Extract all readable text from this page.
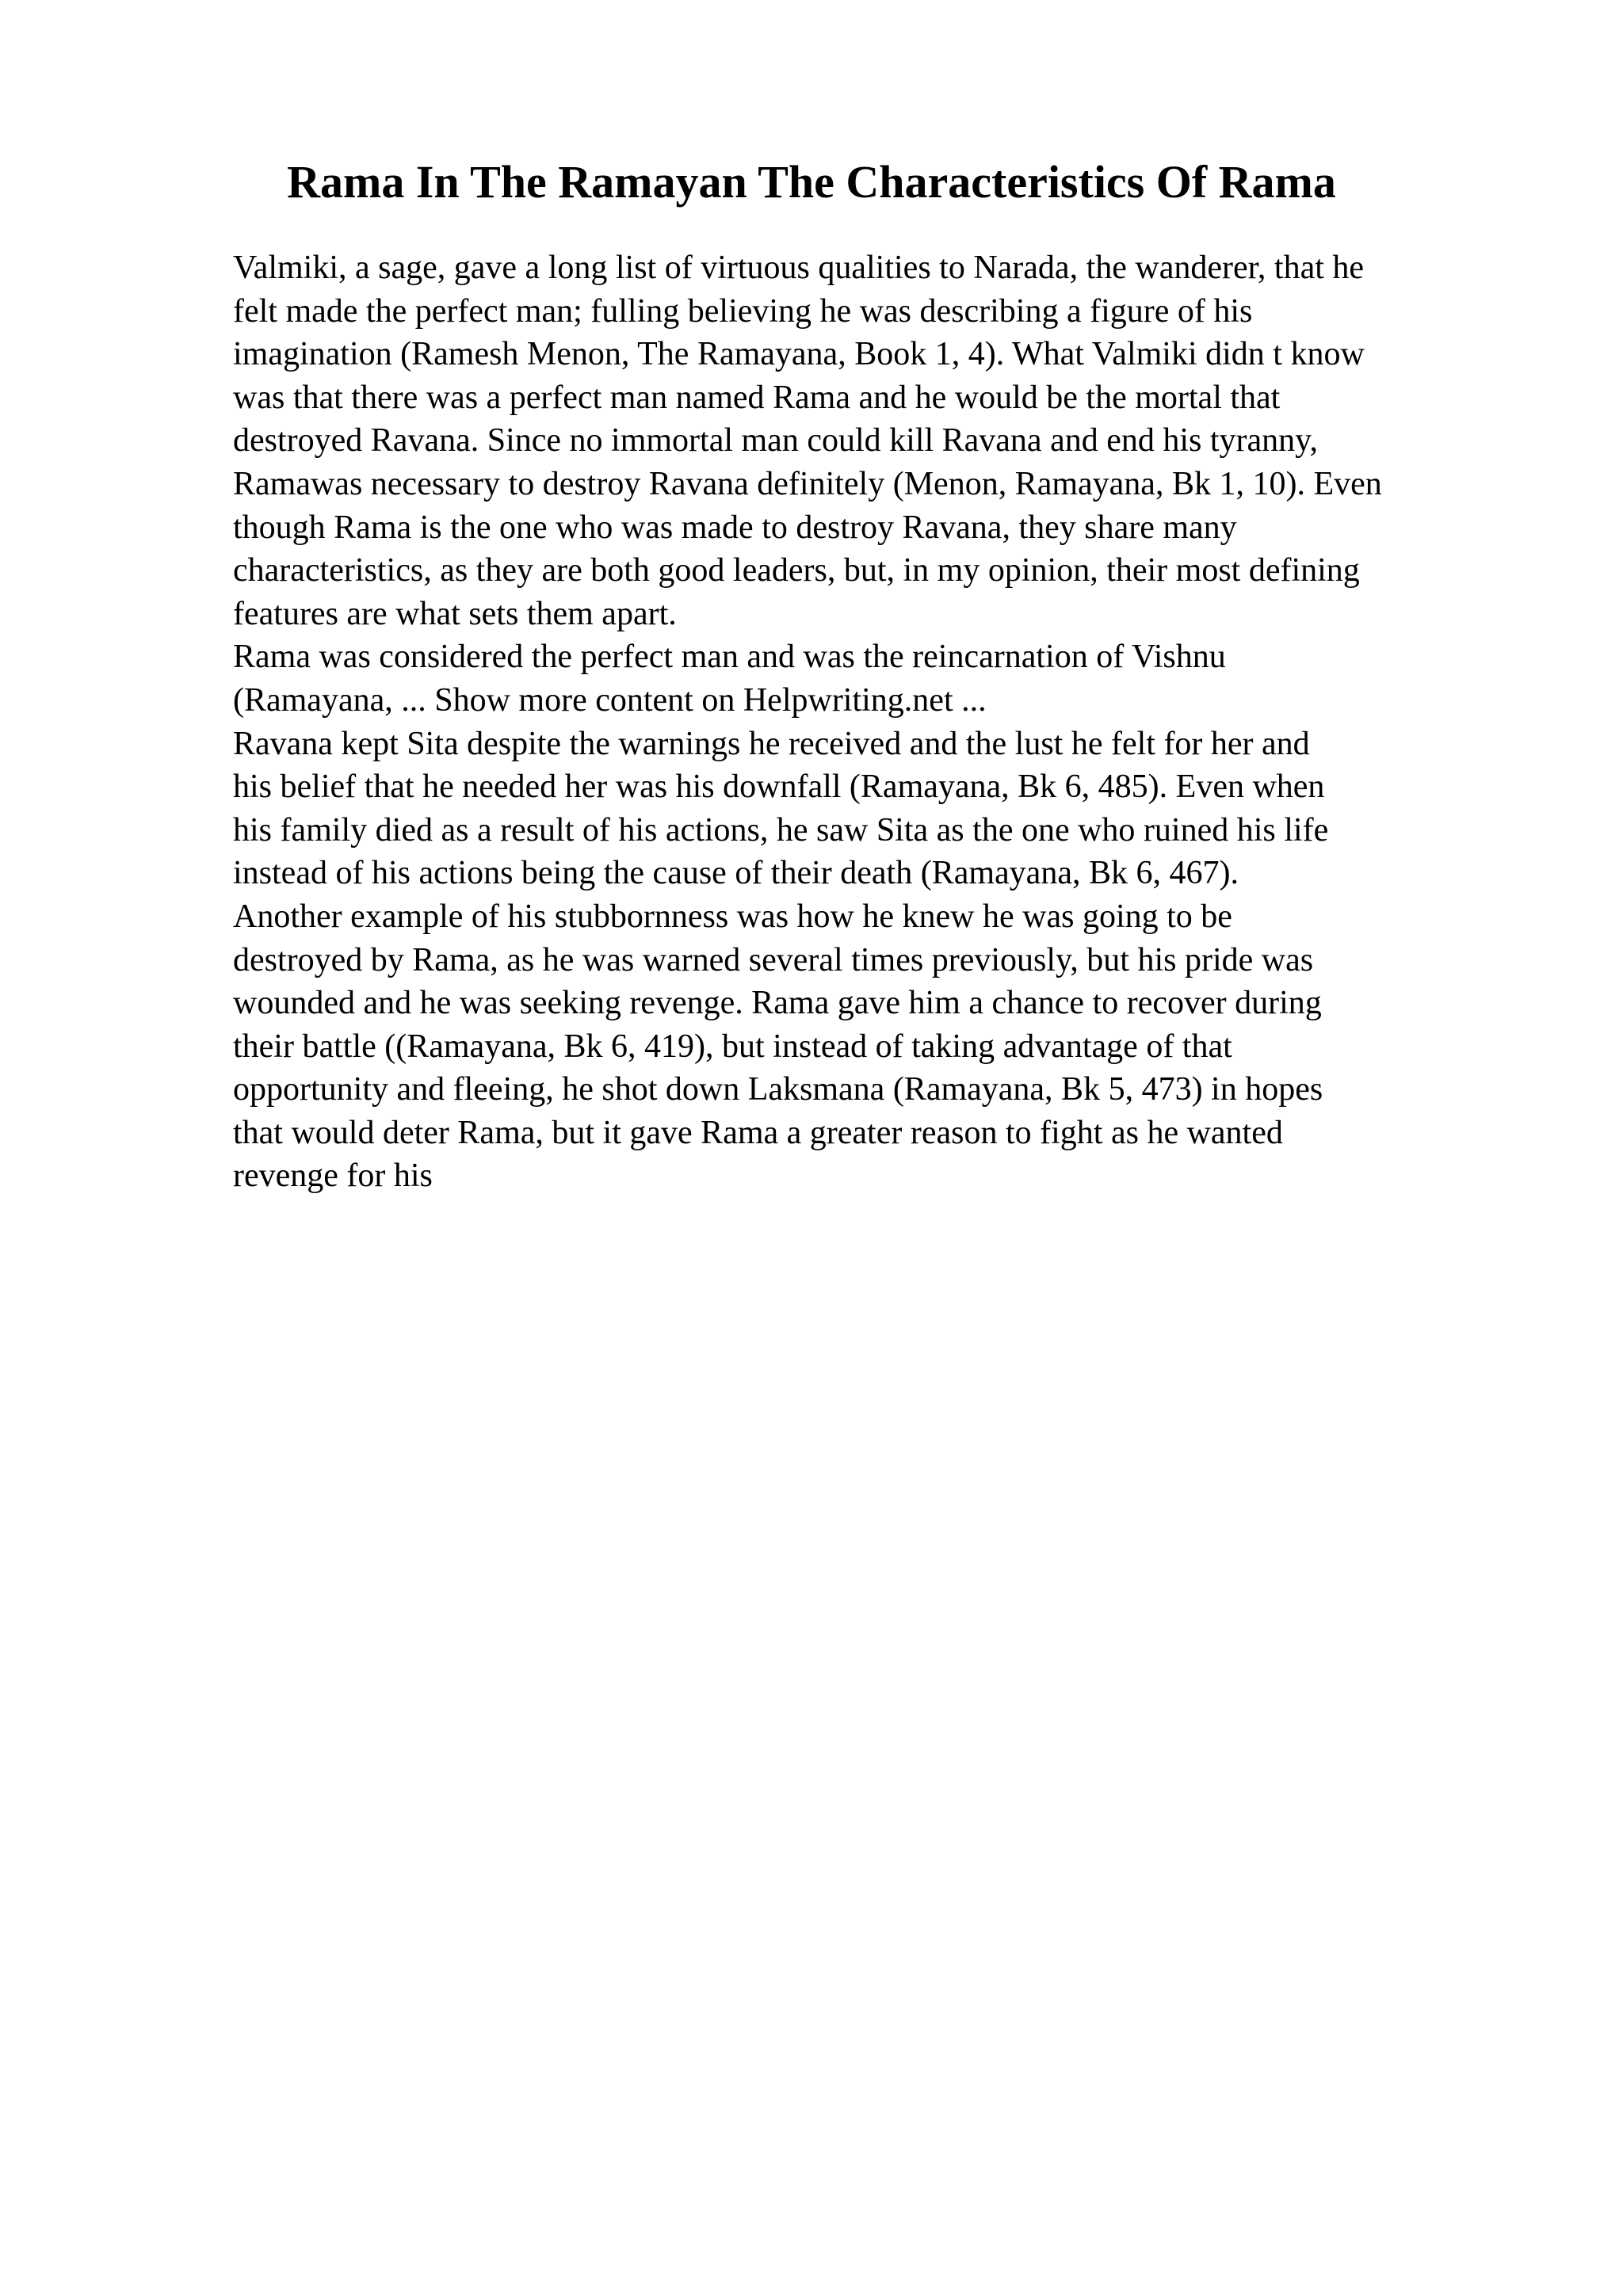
Rama In The Ramayan The Characteristics Of Rama
Valmiki, a sage, gave a long list of virtuous qualities to Narada, the wanderer, that he
felt made the perfect man; fulling believing he was describing a figure of his
imagination (Ramesh Menon, The Ramayana, Book 1, 4). What Valmiki didn t know
was that there was a perfect man named Rama and he would be the mortal that
destroyed Ravana. Since no immortal man could kill Ravana and end his tyranny,
Ramawas necessary to destroy Ravana definitely (Menon, Ramayana, Bk 1, 10). Even
though Rama is the one who was made to destroy Ravana, they share many
characteristics, as they are both good leaders, but, in my opinion, their most defining
features are what sets them apart.
Rama was considered the perfect man and was the reincarnation of Vishnu
(Ramayana, ... Show more content on Helpwriting.net ...
Ravana kept Sita despite the warnings he received and the lust he felt for her and
his belief that he needed her was his downfall (Ramayana, Bk 6, 485). Even when
his family died as a result of his actions, he saw Sita as the one who ruined his life
instead of his actions being the cause of their death (Ramayana, Bk 6, 467).
Another example of his stubbornness was how he knew he was going to be
destroyed by Rama, as he was warned several times previously, but his pride was
wounded and he was seeking revenge. Rama gave him a chance to recover during
their battle ((Ramayana, Bk 6, 419), but instead of taking advantage of that
opportunity and fleeing, he shot down Laksmana (Ramayana, Bk 5, 473) in hopes
that would deter Rama, but it gave Rama a greater reason to fight as he wanted
revenge for his
